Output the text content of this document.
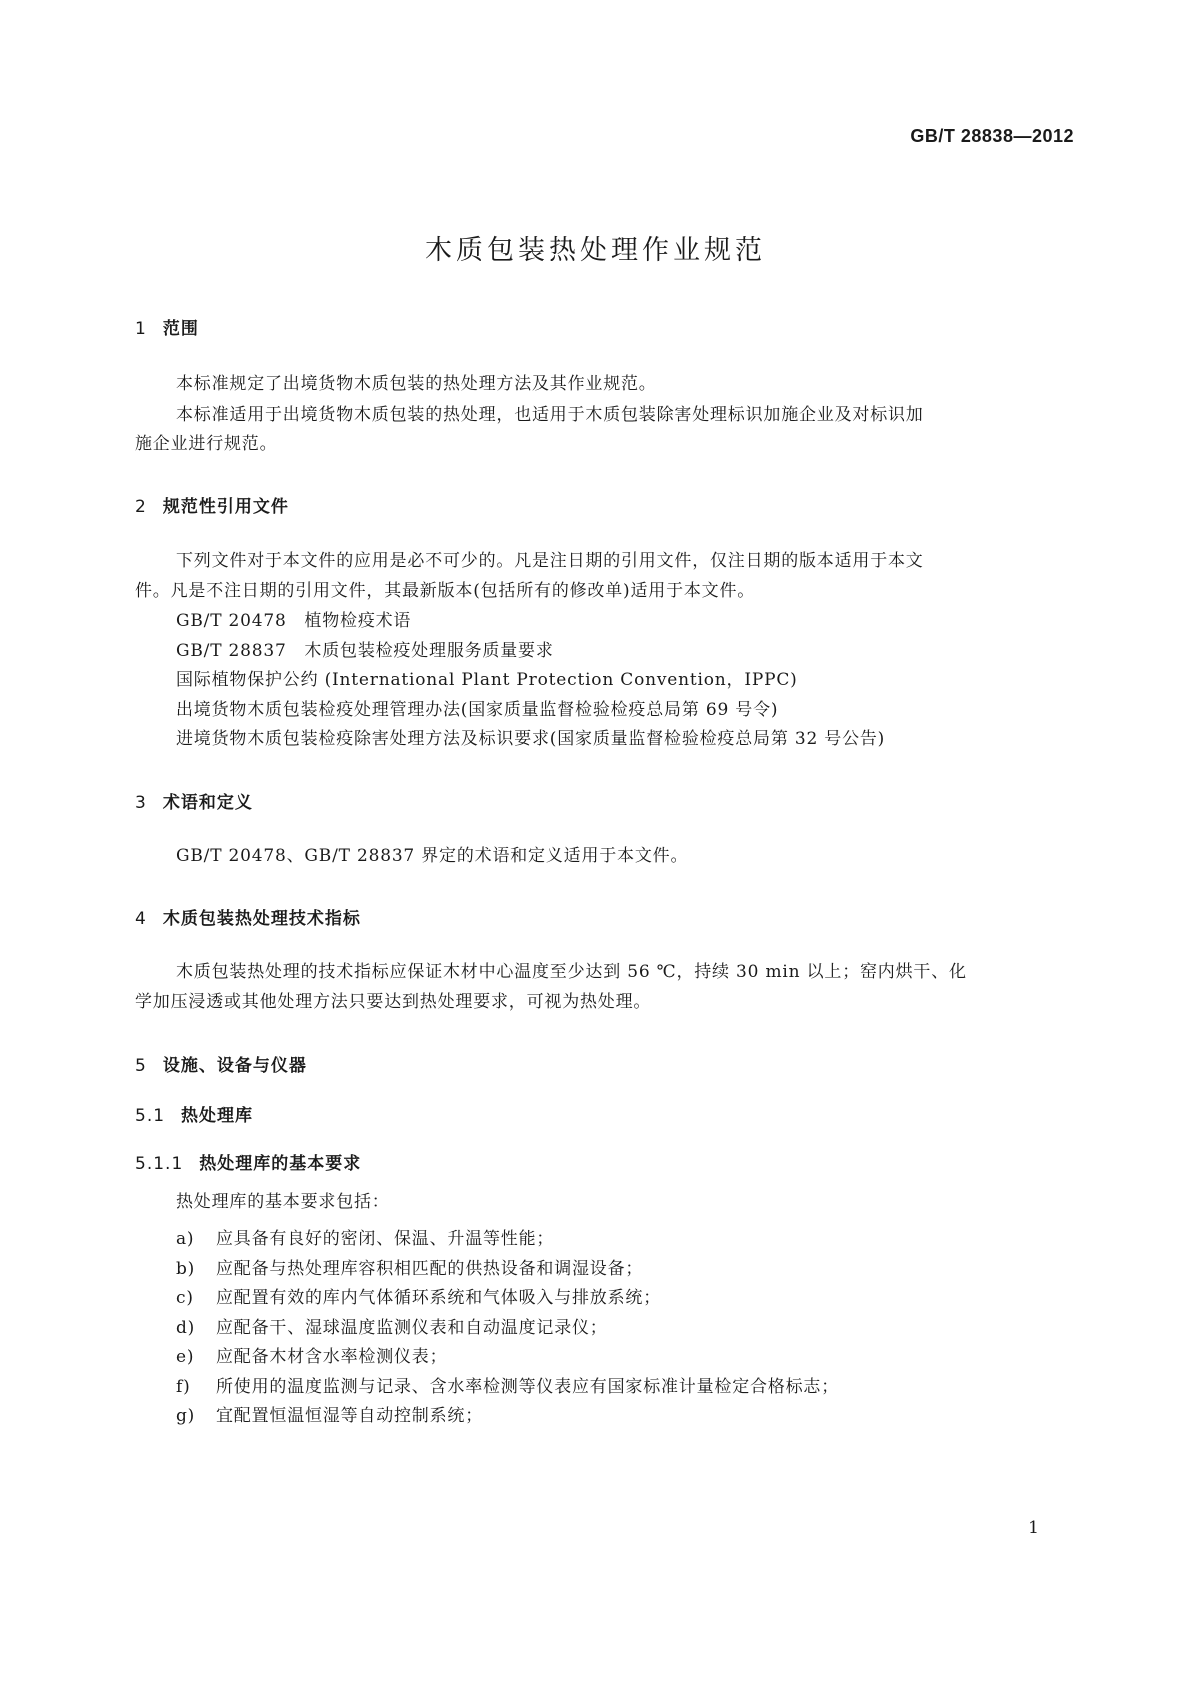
GB/T 28838—2012
木质包装热处理作业规范
1 范围
本标准规定了出境货物木质包装的热处理方法及其作业规范。
本标准适用于出境货物木质包装的热处理，也适用于木质包装除害处理标识加施企业及对标识加
施企业进行规范。
2 规范性引用文件
下列文件对于本文件的应用是必不可少的。凡是注日期的引用文件，仅注日期的版本适用于本文
件。凡是不注日期的引用文件，其最新版本(包括所有的修改单)适用于本文件。
GB/T 20478　植物检疫术语
GB/T 28837　木质包装检疫处理服务质量要求
国际植物保护公约 (International Plant Protection Convention，IPPC)
出境货物木质包装检疫处理管理办法(国家质量监督检验检疫总局第 69 号令)
进境货物木质包装检疫除害处理方法及标识要求(国家质量监督检验检疫总局第 32 号公告)
3 术语和定义
GB/T 20478、GB/T 28837 界定的术语和定义适用于本文件。
4 木质包装热处理技术指标
木质包装热处理的技术指标应保证木材中心温度至少达到 56 ℃，持续 30 min 以上；窑内烘干、化
学加压浸透或其他处理方法只要达到热处理要求，可视为热处理。
5 设施、设备与仪器
5.1 热处理库
5.1.1 热处理库的基本要求
热处理库的基本要求包括：
a) 应具备有良好的密闭、保温、升温等性能；
b) 应配备与热处理库容积相匹配的供热设备和调湿设备；
c) 应配置有效的库内气体循环系统和气体吸入与排放系统；
d) 应配备干、湿球温度监测仪表和自动温度记录仪；
e) 应配备木材含水率检测仪表；
f) 所使用的温度监测与记录、含水率检测等仪表应有国家标准计量检定合格标志；
g) 宜配置恒温恒湿等自动控制系统；
1
